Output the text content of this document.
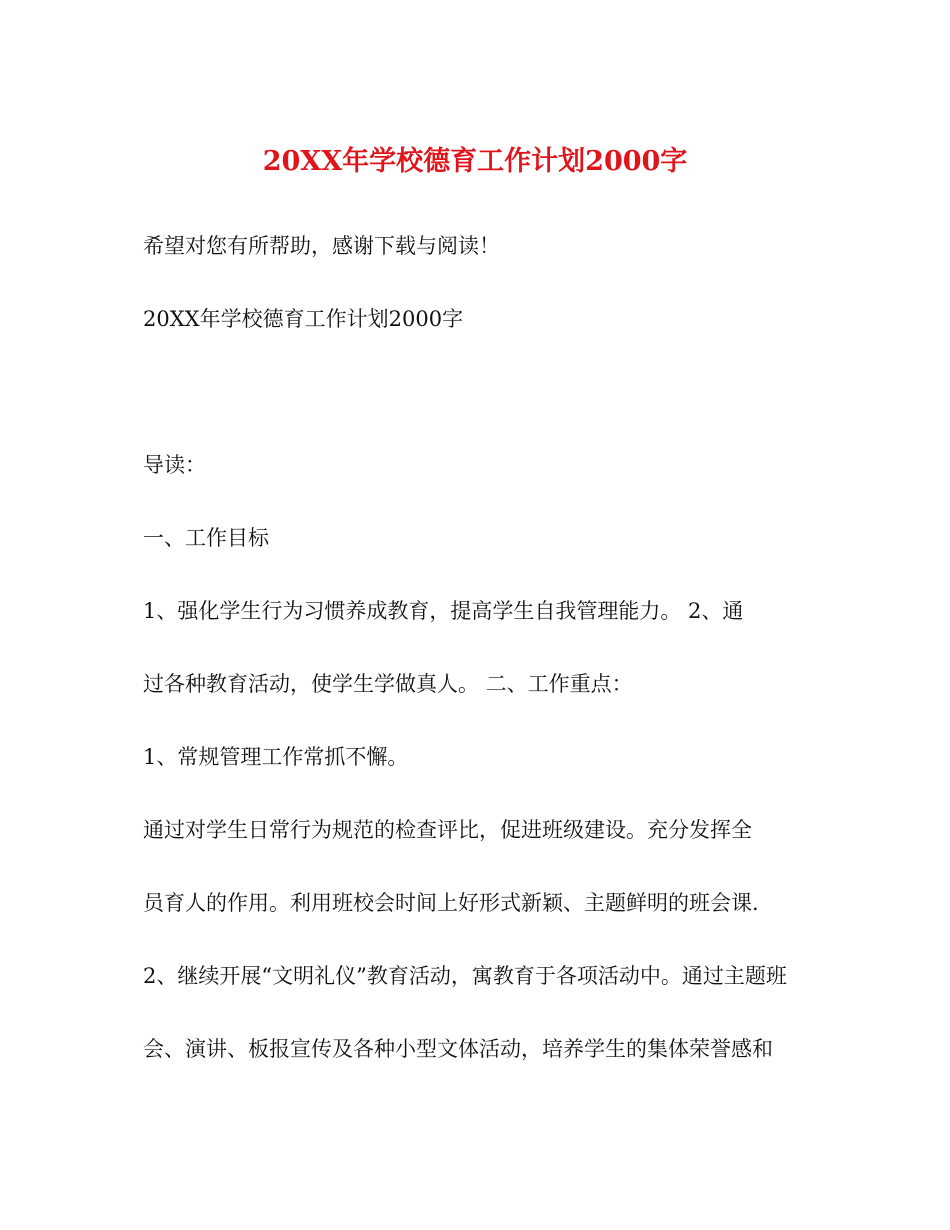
20XX年学校德育工作计划2000字
希望对您有所帮助，感谢下载与阅读！
20XX年学校德育工作计划2000字
导读：
一、工作目标
1、强化学生行为习惯养成教育，提高学生自我管理能力。 2、通
过各种教育活动，使学生学做真人。 二、工作重点：
1、常规管理工作常抓不懈。
通过对学生日常行为规范的检查评比，促进班级建设。充分发挥全
员育人的作用。利用班校会时间上好形式新颖、主题鲜明的班会课.
2、继续开展“文明礼仪”教育活动，寓教育于各项活动中。通过主题班
会、演讲、板报宣传及各种小型文体活动，培养学生的集体荣誉感和
